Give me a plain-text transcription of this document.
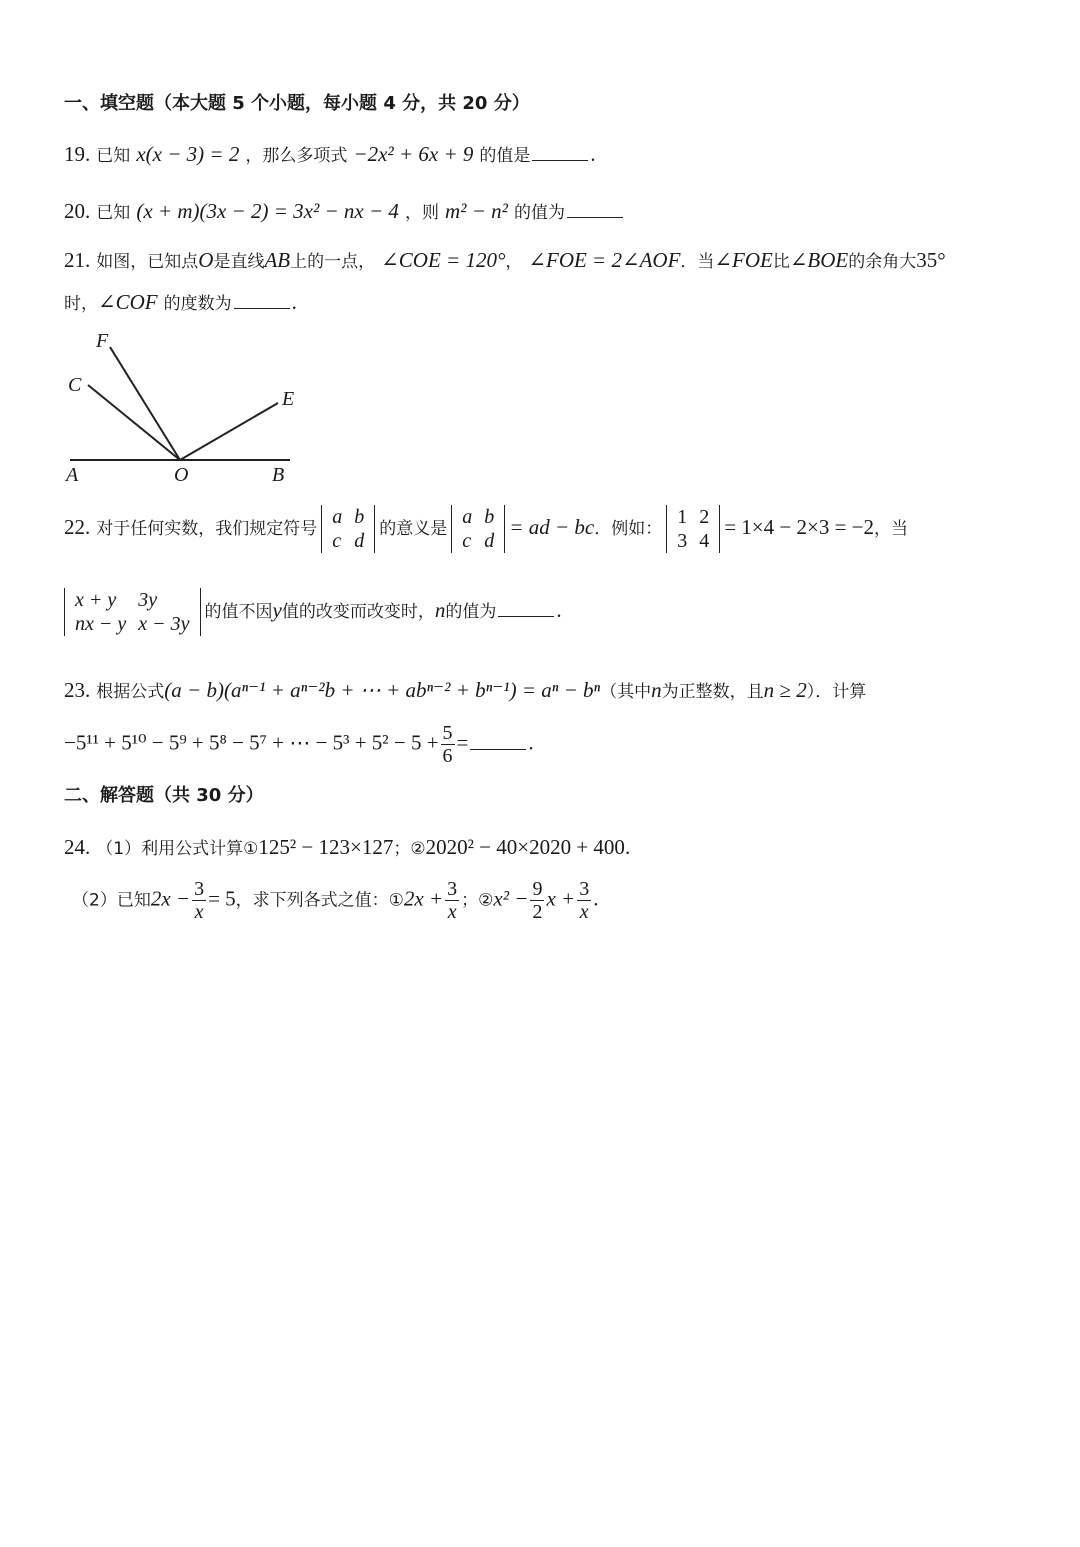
一、填空题（本大题 5 个小题，每小题 4 分，共 20 分）
19. 已知 x(x − 3) = 2 ，那么多项式 −2x² + 6x + 9 的值是	.
20. 已知 (x + m)(3x − 2) = 3x² − nx − 4 ，则 m² − n² 的值为
21. 如图，已知点O是直线AB上的一点， ∠COE = 120°， ∠FOE = 2∠AOF．当∠FOE比∠BOE的余角大35°
时，∠COF 的度数为	.
F
C
E
A	O	B
22. 对于任何实数，我们规定符号
a	b
c	d
的意义是
a	b
c	d
= ad − bc．例如：
1	2
3	4
= 1×4 − 2×3 = −2，当
x + y	3y
nx − y	x − 3y
的值不因y值的改变而改变时，n的值为	.
23. 根据公式(a − b)(aⁿ⁻¹ + aⁿ⁻²b + ⋯ + abⁿ⁻² + bⁿ⁻¹) = aⁿ − bⁿ（其中n为正整数，且n ≥ 2）．计算
−5¹¹ + 5¹⁰ − 5⁹ + 5⁸ − 5⁷ + ⋯ − $5^3 + 5^2 - 5 + \frac{5}{6}$ =	.
二、解答题（共 30 分）
24. （1）利用公式计算①125² − 123×127；②2020² − 40×2020 + 400.
（2）已知$2x - \frac{3}{x} = 5$，求下列各式之值：①2x + $\frac{3}{x}$ ；②x² − $\frac{9}{2}$ $x + \frac{3}{x}$ .
